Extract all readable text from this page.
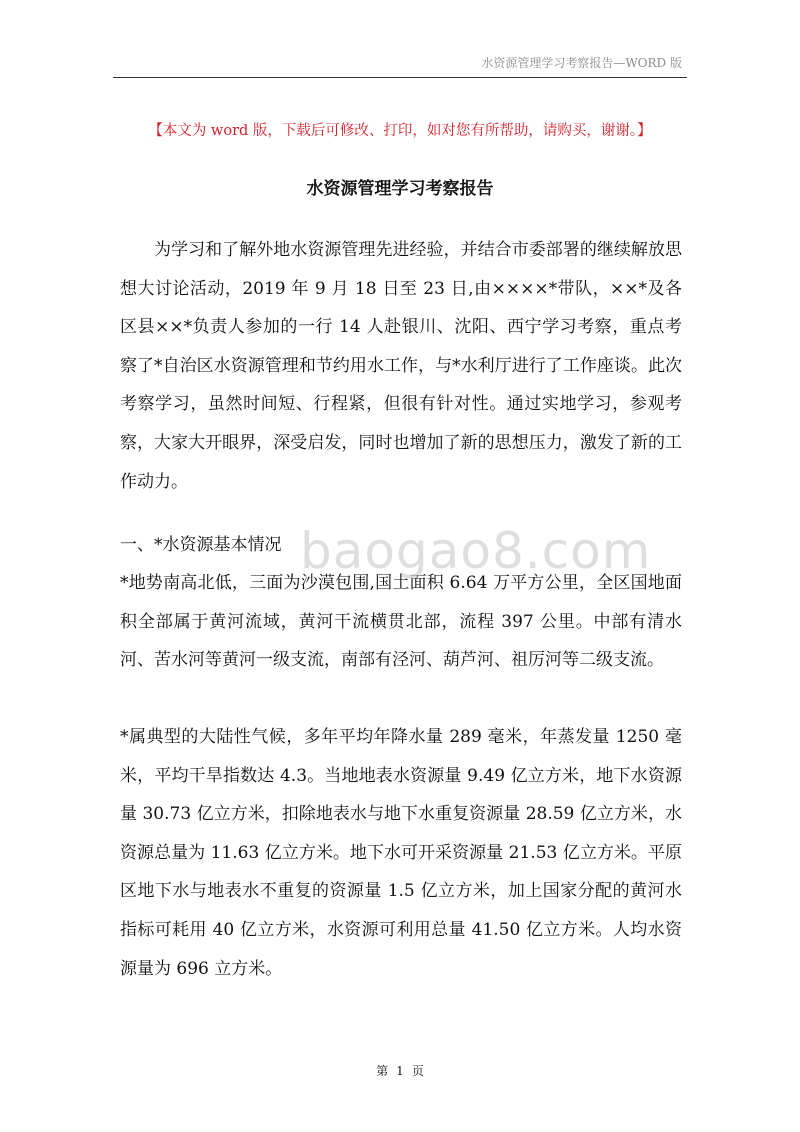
水资源管理学习考察报告—WORD 版
【本文为 word 版，下载后可修改、打印，如对您有所帮助，请购买，谢谢。】
水资源管理学习考察报告
　　为学习和了解外地水资源管理先进经验，并结合市委部署的继续解放思想大讨论活动，2019 年 9 月 18 日至 23 日,由××××*带队，××*及各区县××*负责人参加的一行 14 人赴银川、沈阳、西宁学习考察，重点考察了*自治区水资源管理和节约用水工作，与*水利厅进行了工作座谈。此次考察学习，虽然时间短、行程紧，但很有针对性。通过实地学习，参观考察，大家大开眼界，深受启发，同时也增加了新的思想压力，激发了新的工作动力。
一、*水资源基本情况
*地势南高北低，三面为沙漠包围,国土面积 6.64 万平方公里，全区国地面积全部属于黄河流域，黄河干流横贯北部，流程 397 公里。中部有清水河、苦水河等黄河一级支流，南部有泾河、葫芦河、祖厉河等二级支流。
*属典型的大陆性气候，多年平均年降水量 289 毫米，年蒸发量 1250 毫米，平均干旱指数达 4.3。当地地表水资源量 9.49 亿立方米，地下水资源量 30.73 亿立方米，扣除地表水与地下水重复资源量 28.59 亿立方米，水资源总量为 11.63 亿立方米。地下水可开采资源量 21.53 亿立方米。平原区地下水与地表水不重复的资源量 1.5 亿立方米，加上国家分配的黄河水指标可耗用 40 亿立方米，水资源可利用总量 41.50 亿立方米。人均水资源量为 696 立方米。
baogao8.com
第 1 页
